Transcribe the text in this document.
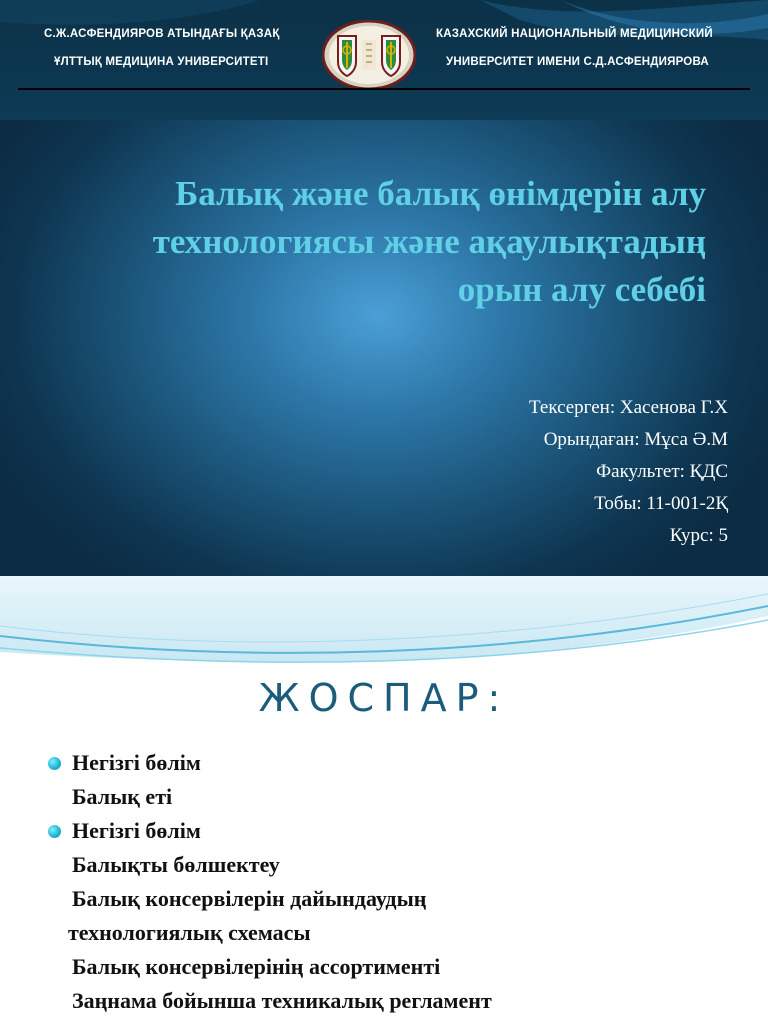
С.Ж.АСФЕНДИЯРОВ АТЫНДАҒЫ ҚАЗАҚ
ҰЛТТЫҚ МЕДИЦИНА УНИВЕРСИТЕТІ
КАЗАХСКИЙ НАЦИОНАЛЬНЫЙ МЕДИЦИНСКИЙ
УНИВЕРСИТЕТ ИМЕНИ С.Д.АСФЕНДИЯРОВА
Балық және балық өнімдерін алу
технологиясы және ақаулықтадың
орын алу себебі
Тексерген: Хасенова Г.Х
Орындаған: Мұса Ә.М
Факультет: ҚДС
Тобы: 11-001-2Қ
Курс: 5
ЖОСПАР:
Негізгі бөлім
Балық еті
Негізгі бөлім
Балықты бөлшектеу
Балық консервілерін дайындаудың
технологиялық схемасы
Балық консервілерінің ассортименті
Заңнама бойынша техникалық регламент
